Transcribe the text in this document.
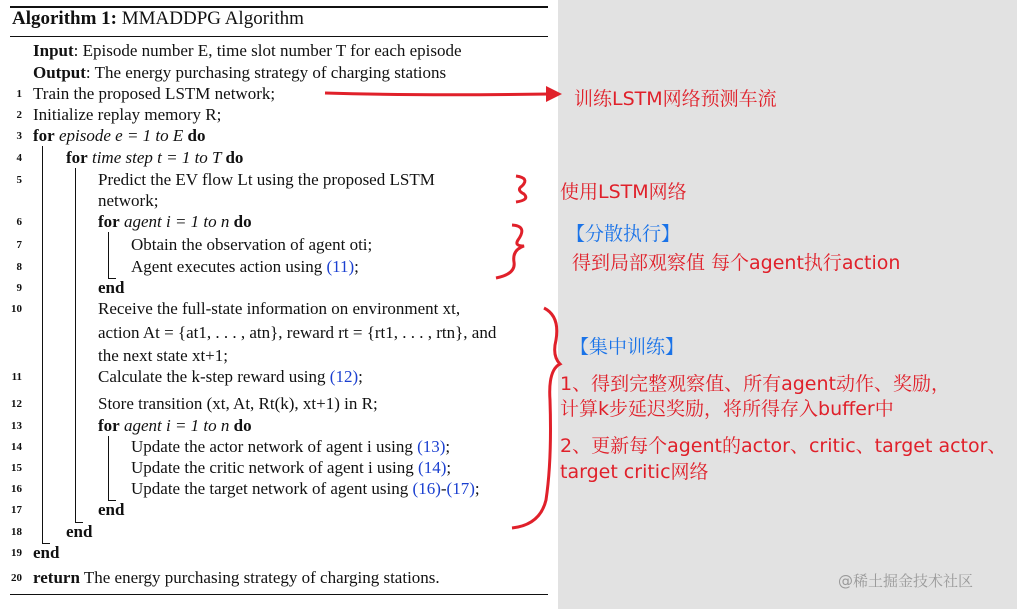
Algorithm 1: MMADDPG Algorithm
Input: Episode number E, time slot number T for each episode
Output: The energy purchasing strategy of charging stations
1 Train the proposed LSTM network;
2 Initialize replay memory R;
3 for episode e = 1 to E do
4	for time step t = 1 to T do
5	Predict the EV flow Lt using the proposed LSTM
network;
6	for agent i = 1 to n do
7	Obtain the observation of agent oti;
8	Agent executes action using (11);
9	end
10	Receive the full-state information on environment xt,
action At = {at1, . . . , atn}, reward rt = {rt1, . . . , rtn}, and
the next state xt+1;
11	Calculate the k-step reward using (12);
12	Store transition (xt, At, Rt(k), xt+1) in R;
13	for agent i = 1 to n do
14	Update the actor network of agent i using (13);
15	Update the critic network of agent i using (14);
16	Update the target network of agent using (16)-(17);
17	end
18	end
19 end
20 return The energy purchasing strategy of charging stations.
训练LSTM网络预测车流
使用LSTM网络
【分散执行】
得到局部观察值 每个agent执行action
【集中训练】
1、得到完整观察值、所有agent动作、奖励，
计算k步延迟奖励，将所得存入buffer中
2、更新每个agent的actor、critic、target actor、
target critic网络
@稀土掘金技术社区
